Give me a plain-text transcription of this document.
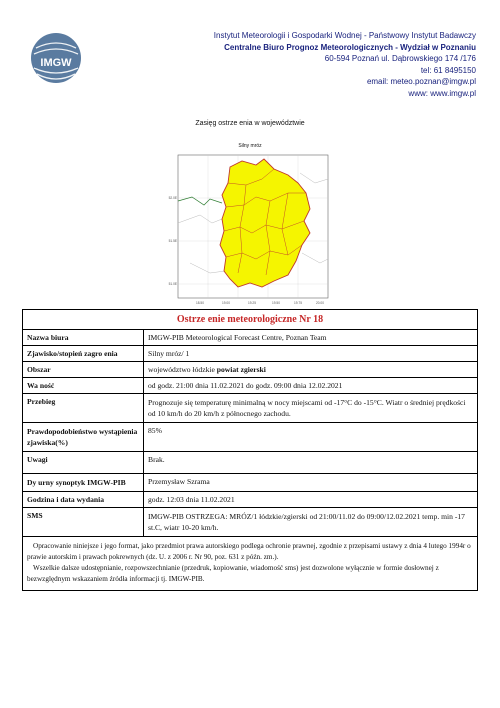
IMGW
Instytut Meteorologii i Gospodarki Wodnej - Państwowy Instytut Badawczy
Centralne Biuro Prognoz Meteorologicznych - Wydział w Poznaniu
60-594 Poznań ul. Dąbrowskiego 174 /176
tel: 61 8495150
email: meteo.poznan@imgw.pl
www: www.imgw.pl
Zasięg ostrze enia w województwie
Silny mróz
52.0E
51.5E
51.0E
18.50	19.00	19.25	19.50	19.75	20.00
Ostrze enie meteorologiczne Nr 18	
Nazwa biura	IMGW-PIB Meteorological Forecast Centre, Poznan Team
Zjawisko/stopień zagro enia	Silny mróz/ 1
Obszar	województwo łódzkie powiat zgierski
Wa ność	od godz. 21:00 dnia 11.02.2021 do godz. 09:00 dnia 12.02.2021
Przebieg	Prognozuje się temperaturę minimalną w nocy miejscami od -17°C do -15°C. Wiatr o średniej prędkości od 10 km/h do 20 km/h z północnego zachodu.
Prawdopodobieństwo wystąpienia zjawiska(%)	85%
Uwagi	Brak.
Dy urny synoptyk IMGW-PIB	Przemysław Szrama
Godzina i data wydania	godz. 12:03 dnia 11.02.2021
SMS	IMGW-PIB OSTRZEGA: MRÓZ/1 łódzkie/zgierski od 21:00/11.02 do 09:00/12.02.2021 temp. min -17 st.C, wiatr 10-20 km/h.

Opracowanie niniejsze i jego format, jako przedmiot prawa autorskiego podlega ochronie prawnej, zgodnie z przepisami ustawy z dnia 4 lutego 1994r o prawie autorskim i prawach pokrewnych (dz. U. z 2006 r. Nr 90, poz. 631 z późn. zm.).

Wszelkie dalsze udostępnianie, rozpowszechnianie (przedruk, kopiowanie, wiadomość sms) jest dozwolone wyłącznie w formie dosłownej z bezwzględnym wskazaniem źródła informacji tj. IMGW-PIB.	
